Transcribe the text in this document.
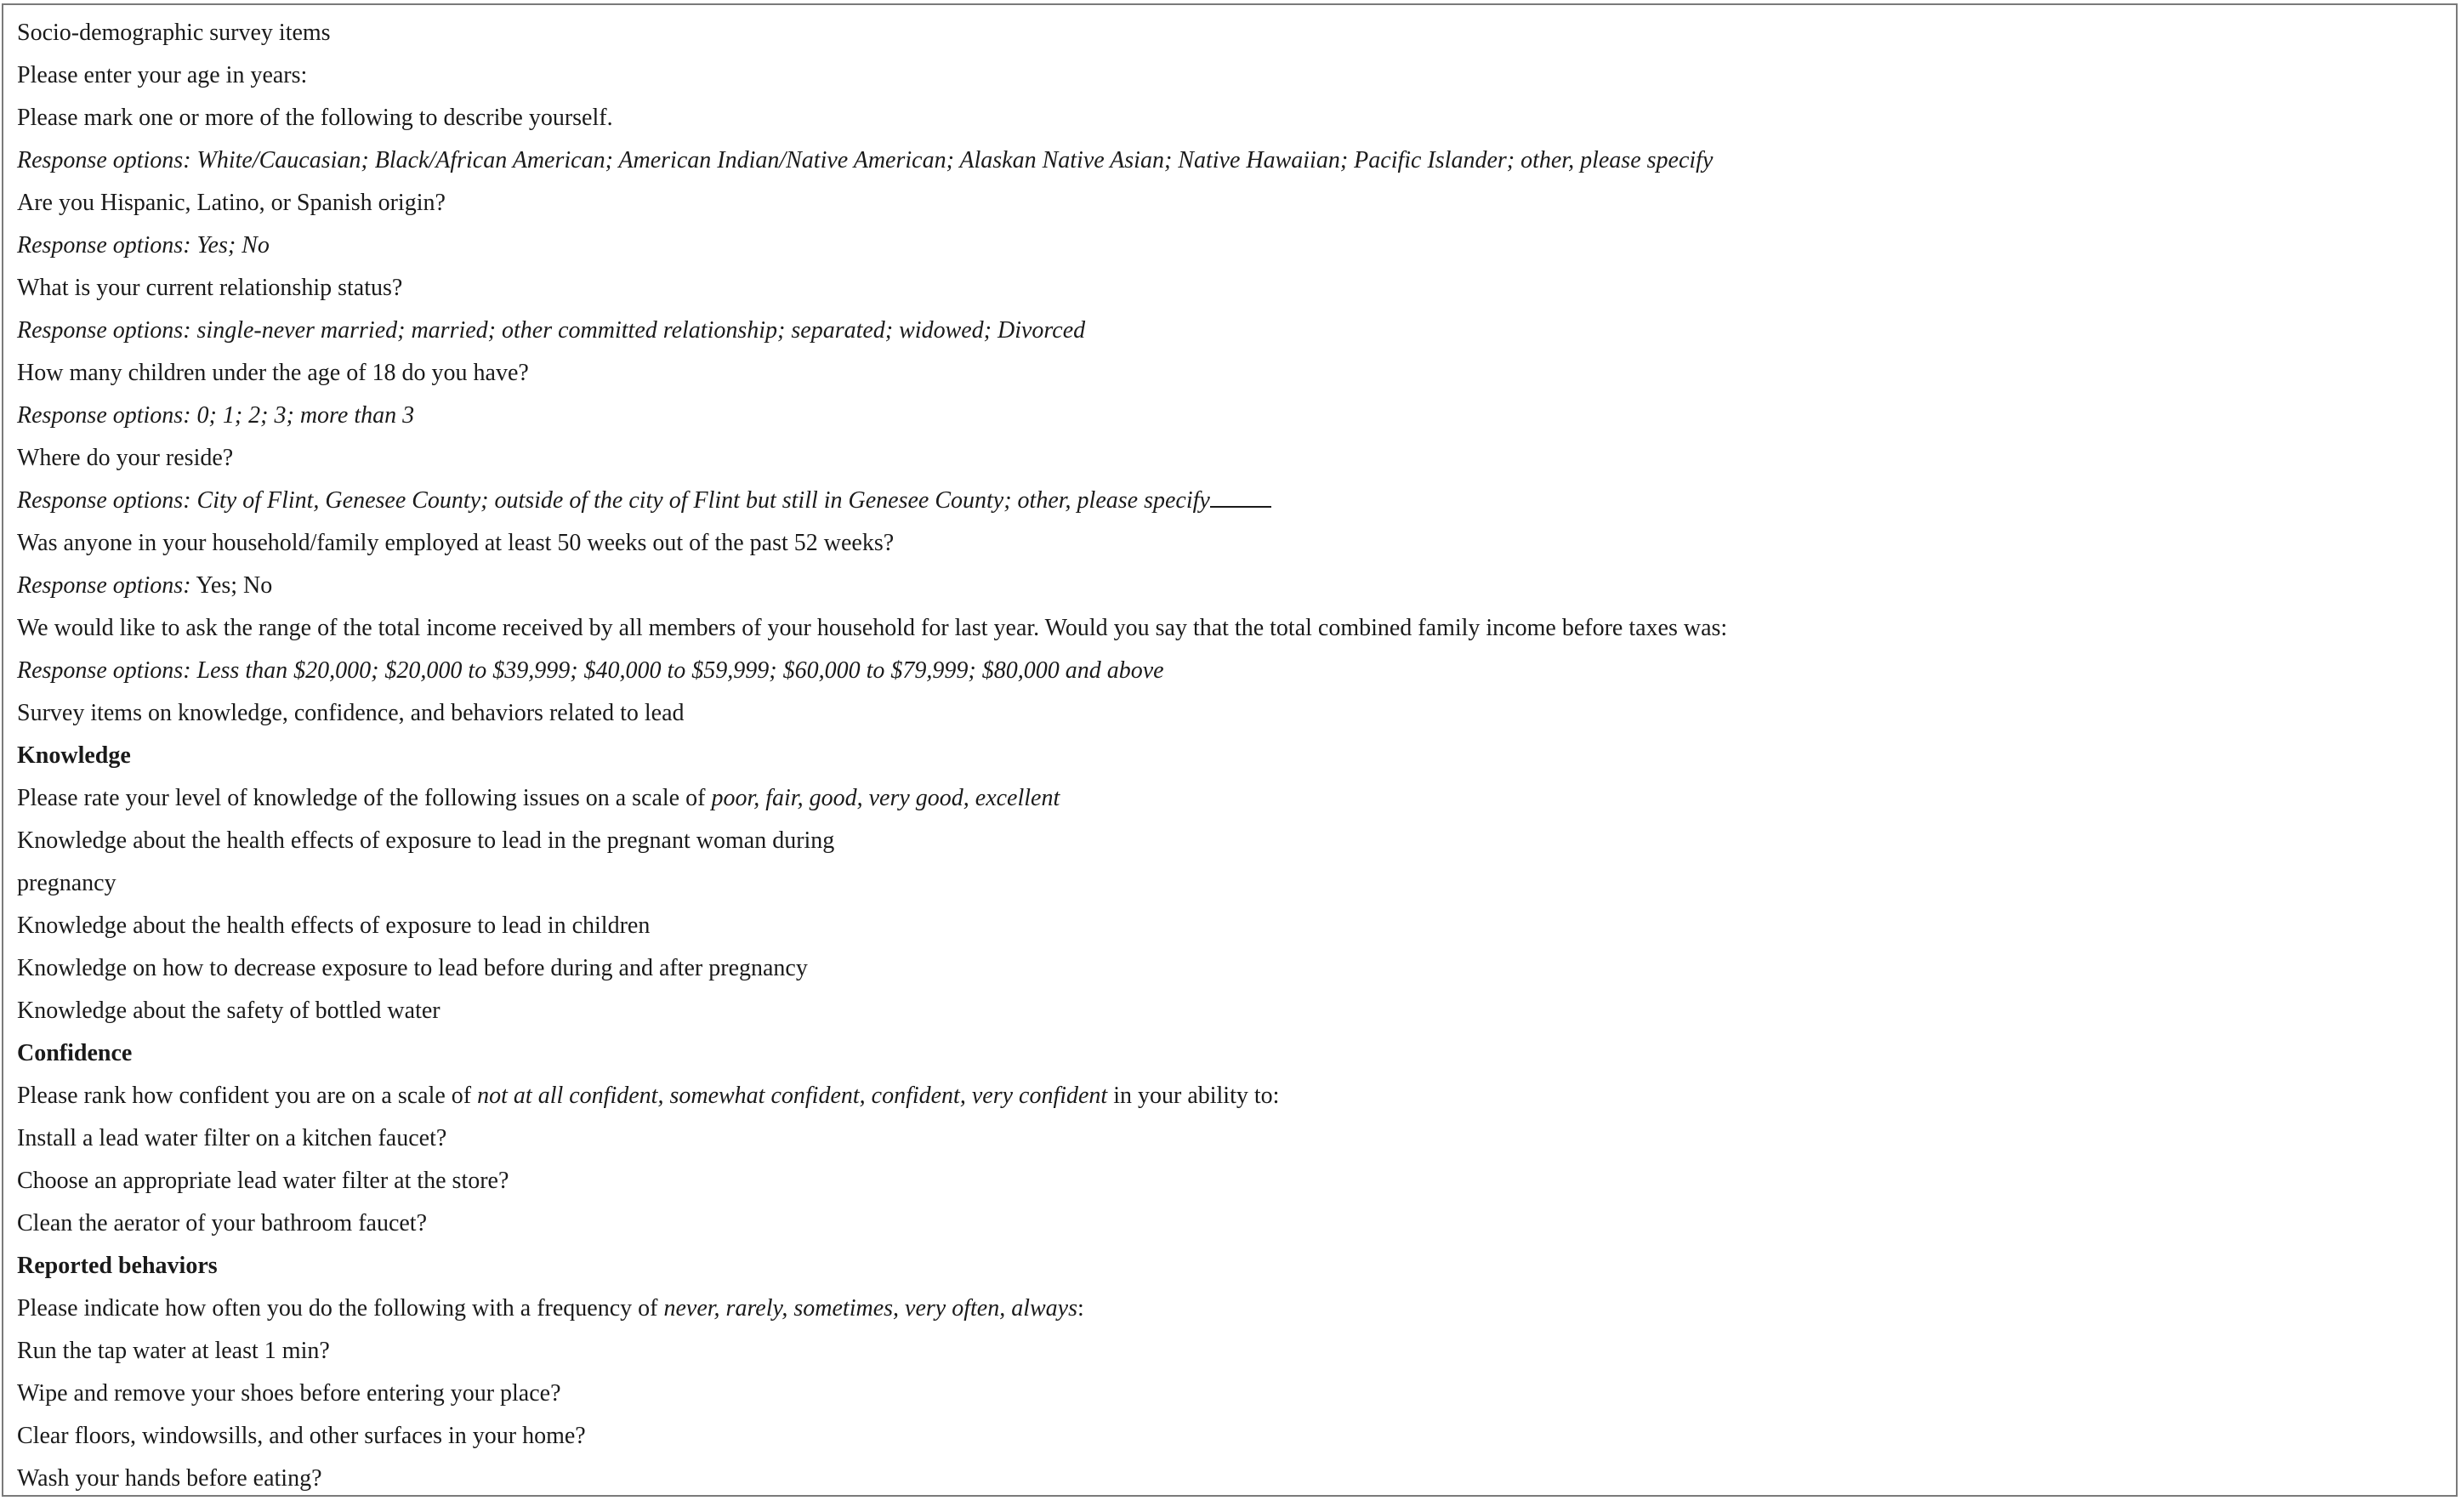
Socio-demographic survey items
Please enter your age in years:
Please mark one or more of the following to describe yourself.
Response options: White/Caucasian; Black/African American; American Indian/Native American; Alaskan Native Asian; Native Hawaiian; Pacific Islander; other, please specify
Are you Hispanic, Latino, or Spanish origin?
Response options: Yes; No
What is your current relationship status?
Response options: single-never married; married; other committed relationship; separated; widowed; Divorced
How many children under the age of 18 do you have?
Response options: 0; 1; 2; 3; more than 3
Where do your reside?
Response options: City of Flint, Genesee County; outside of the city of Flint but still in Genesee County; other, please specify
Was anyone in your household/family employed at least 50 weeks out of the past 52 weeks?
Response options: Yes; No
We would like to ask the range of the total income received by all members of your household for last year. Would you say that the total combined family income before taxes was:
Response options: Less than $20,000; $20,000 to $39,999; $40,000 to $59,999; $60,000 to $79,999; $80,000 and above
Survey items on knowledge, confidence, and behaviors related to lead
Knowledge
Please rate your level of knowledge of the following issues on a scale of poor, fair, good, very good, excellent
Knowledge about the health effects of exposure to lead in the pregnant woman during
pregnancy
Knowledge about the health effects of exposure to lead in children
Knowledge on how to decrease exposure to lead before during and after pregnancy
Knowledge about the safety of bottled water
Confidence
Please rank how confident you are on a scale of not at all confident, somewhat confident, confident, very confident in your ability to:
Install a lead water filter on a kitchen faucet?
Choose an appropriate lead water filter at the store?
Clean the aerator of your bathroom faucet?
Reported behaviors
Please indicate how often you do the following with a frequency of never, rarely, sometimes, very often, always:
Run the tap water at least 1 min?
Wipe and remove your shoes before entering your place?
Clear floors, windowsills, and other surfaces in your home?
Wash your hands before eating?
